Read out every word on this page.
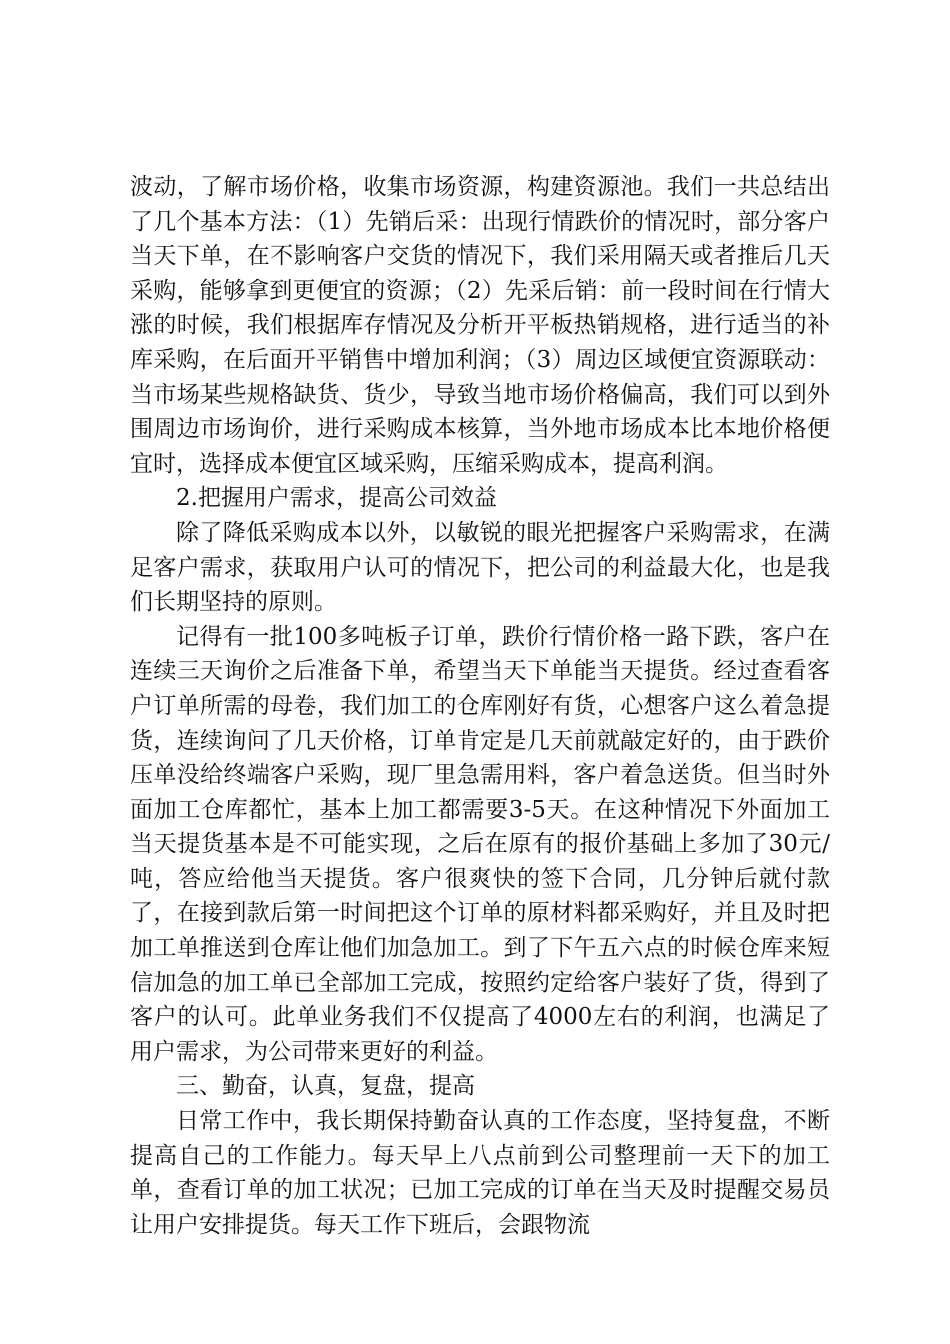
波动，了解市场价格，收集市场资源，构建资源池。我们一共总结出了几个基本方法：（1）先销后采：出现行情跌价的情况时，部分客户当天下单，在不影响客户交货的情况下，我们采用隔天或者推后几天采购，能够拿到更便宜的资源；（2）先采后销：前一段时间在行情大涨的时候，我们根据库存情况及分析开平板热销规格，进行适当的补库采购，在后面开平销售中增加利润；（3）周边区域便宜资源联动：当市场某些规格缺货、货少，导致当地市场价格偏高，我们可以到外围周边市场询价，进行采购成本核算，当外地市场成本比本地价格便宜时，选择成本便宜区域采购，压缩采购成本，提高利润。

2.把握用户需求，提高公司效益

除了降低采购成本以外，以敏锐的眼光把握客户采购需求，在满足客户需求，获取用户认可的情况下，把公司的利益最大化，也是我们长期坚持的原则。

记得有一批100多吨板子订单，跌价行情价格一路下跌，客户在连续三天询价之后准备下单，希望当天下单能当天提货。经过查看客户订单所需的母卷，我们加工的仓库刚好有货，心想客户这么着急提货，连续询问了几天价格，订单肯定是几天前就敲定好的，由于跌价压单没给终端客户采购，现厂里急需用料，客户着急送货。但当时外面加工仓库都忙，基本上加工都需要3-5天。在这种情况下外面加工当天提货基本是不可能实现，之后在原有的报价基础上多加了30元/吨，答应给他当天提货。客户很爽快的签下合同，几分钟后就付款了，在接到款后第一时间把这个订单的原材料都采购好，并且及时把加工单推送到仓库让他们加急加工。到了下午五六点的时候仓库来短信加急的加工单已全部加工完成，按照约定给客户装好了货，得到了客户的认可。此单业务我们不仅提高了4000左右的利润，也满足了用户需求，为公司带来更好的利益。

三、勤奋，认真，复盘，提高

日常工作中，我长期保持勤奋认真的工作态度，坚持复盘，不断提高自己的工作能力。每天早上八点前到公司整理前一天下的加工单，查看订单的加工状况；已加工完成的订单在当天及时提醒交易员让用户安排提货。每天工作下班后，会跟物流
